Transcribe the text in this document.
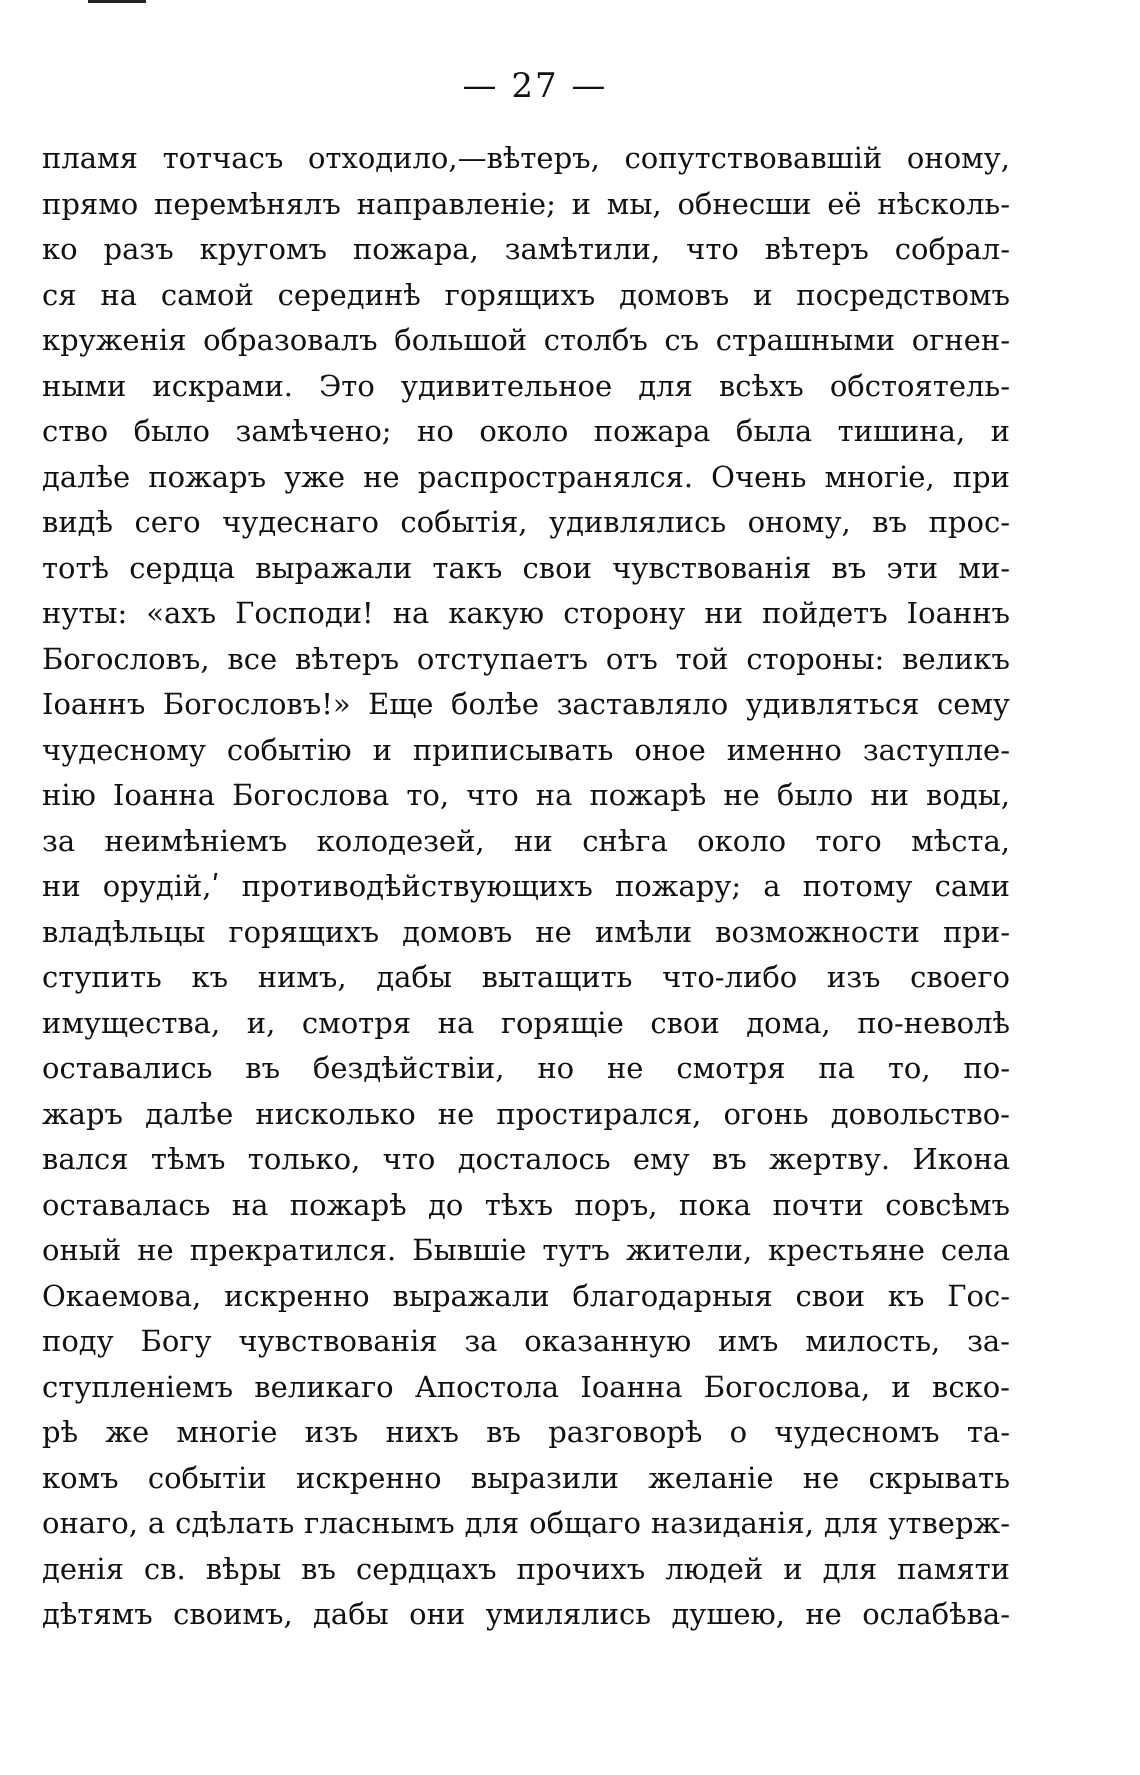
— 27 —
пламя тотчасъ отходило,—вѣтеръ, сопутствовавшій оному,
прямо перемѣнялъ направленіе; и мы, обнесши её нѣсколь-
ко разъ кругомъ пожара, замѣтили, что вѣтеръ собрал-
ся на самой серединѣ горящихъ домовъ и посредствомъ
круженія образовалъ большой столбъ съ страшными огнен-
ными искрами. Это удивительное для всѣхъ обстоятель-
ство было замѣчено; но около пожара была тишина, и
далѣе пожаръ уже не распространялся. Очень многіе, при
видѣ сего чудеснаго событія, удивлялись оному, въ прос-
тотѣ сердца выражали такъ свои чувствованія въ эти ми-
нуты: «ахъ Господи! на какую сторону ни пойдетъ Іоаннъ
Богословъ, все вѣтеръ отступаетъ отъ той стороны: великъ
Іоаннъ Богословъ!» Еще болѣе заставляло удивляться сему
чудесному событію и приписывать оное именно заступле-
нію Іоанна Богослова то, что на пожарѣ не было ни воды,
за неимѣніемъ колодезей, ни снѣга около того мѣста,
ни орудій,ʹ противодѣйствующихъ пожару; а потому сами
владѣльцы горящихъ домовъ не имѣли возможности при-
ступить къ нимъ, дабы вытащить что-либо изъ своего
имущества, и, смотря на горящіе свои дома, по-неволѣ
оставались въ бездѣйствіи, но не смотря па то, по-
жаръ далѣе нисколько не простирался, огонь довольство-
вался тѣмъ только, что досталось ему въ жертву. Икона
оставалась на пожарѣ до тѣхъ поръ, пока почти совсѣмъ
оный не прекратился. Бывшіе тутъ жители, крестьяне села
Окаемова, искренно выражали благодарныя свои къ Гос-
поду Богу чувствованія за оказанную имъ милость, за-
ступленіемъ великаго Апостола Іоанна Богослова, и вско-
рѣ же многіе изъ нихъ въ разговорѣ о чудесномъ та-
комъ событіи искренно выразили желаніе не скрывать
онаго, а сдѣлать гласнымъ для общаго назиданія, для утверж-
денія св. вѣры въ сердцахъ прочихъ людей и для памяти
дѣтямъ своимъ, дабы они умилялись душею, не ослабѣва-
